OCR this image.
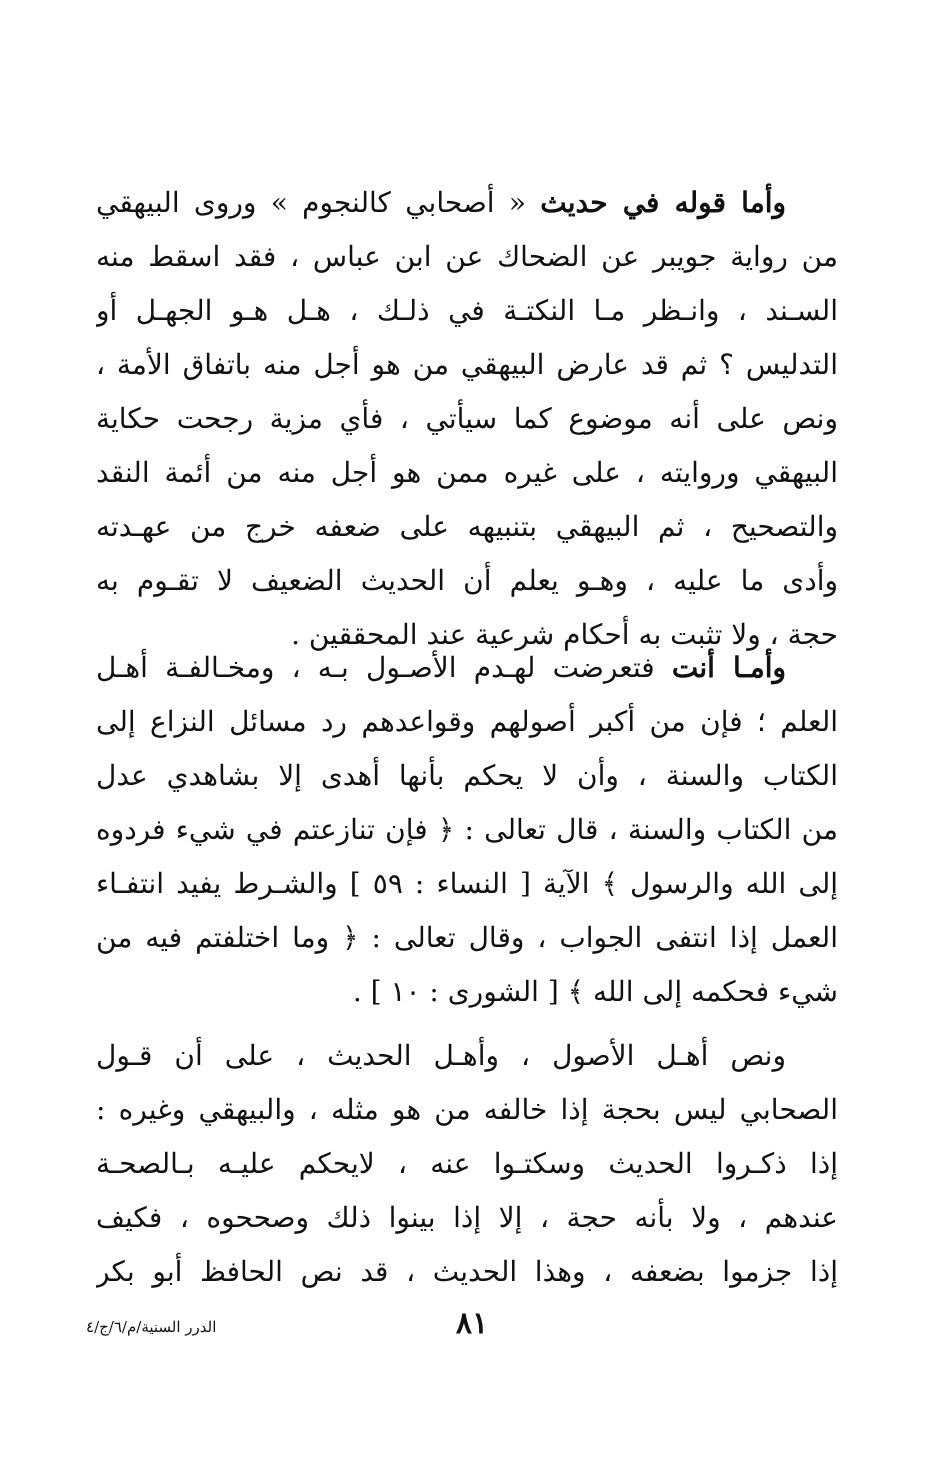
وأما قوله في حديث « أصحابي كالنجوم » وروى البيهقي
من رواية جويبر عن الضحاك عن ابن عباس ، فقد اسقط منه
السـند ، وانـظر مـا النكتـة في ذلـك ، هـل هـو الجهـل أو
التدليس ؟ ثم قد عارض البيهقي من هو أجل منه باتفاق الأمة ،
ونص على أنه موضوع كما سيأتي ، فأي مزية رجحت حكاية
البيهقي وروايته ، على غيره ممن هو أجل منه من أئمة النقد
والتصحيح ، ثم البيهقي بتنبيهه على ضعفه خرج من عهـدته
وأدى ما عليه ، وهـو يعلم أن الحديث الضعيف لا تقـوم به
حجة ، ولا تثبت به أحكام شرعية عند المحققين .
وأمـا أنت فتعرضت لهـدم الأصـول بـه ، ومخـالفـة أهـل
العلم ؛ فإن من أكبر أصولهم وقواعدهم رد مسائل النزاع إلى
الكتاب والسنة ، وأن لا يحكم بأنها أهدى إلا بشاهدي عدل
من الكتاب والسنة ، قال تعالى : ﴿ فإن تنازعتم في شيء فردوه
إلى الله والرسول ﴾ الآية [ النساء : ٥٩ ] والشـرط يفيد انتفـاء
العمل إذا انتفى الجواب ، وقال تعالى : ﴿ وما اختلفتم فيه من
شيء فحكمه إلى الله ﴾ [ الشورى : ١٠ ] .
ونص أهـل الأصول ، وأهـل الحديث ، على أن قـول
الصحابي ليس بحجة إذا خالفه من هو مثله ، والبيهقي وغيره :
إذا ذكـروا الحديث وسكتـوا عنه ، لايحكم عليـه بـالصحـة
عندهم ، ولا بأنه حجة ، إلا إذا بينوا ذلك وصححوه ، فكيف
إذا جزموا بضعفه ، وهذا الحديث ، قد نص الحافظ أبو بكر
الدرر السنية/م/٦/ج/٤	٨١
